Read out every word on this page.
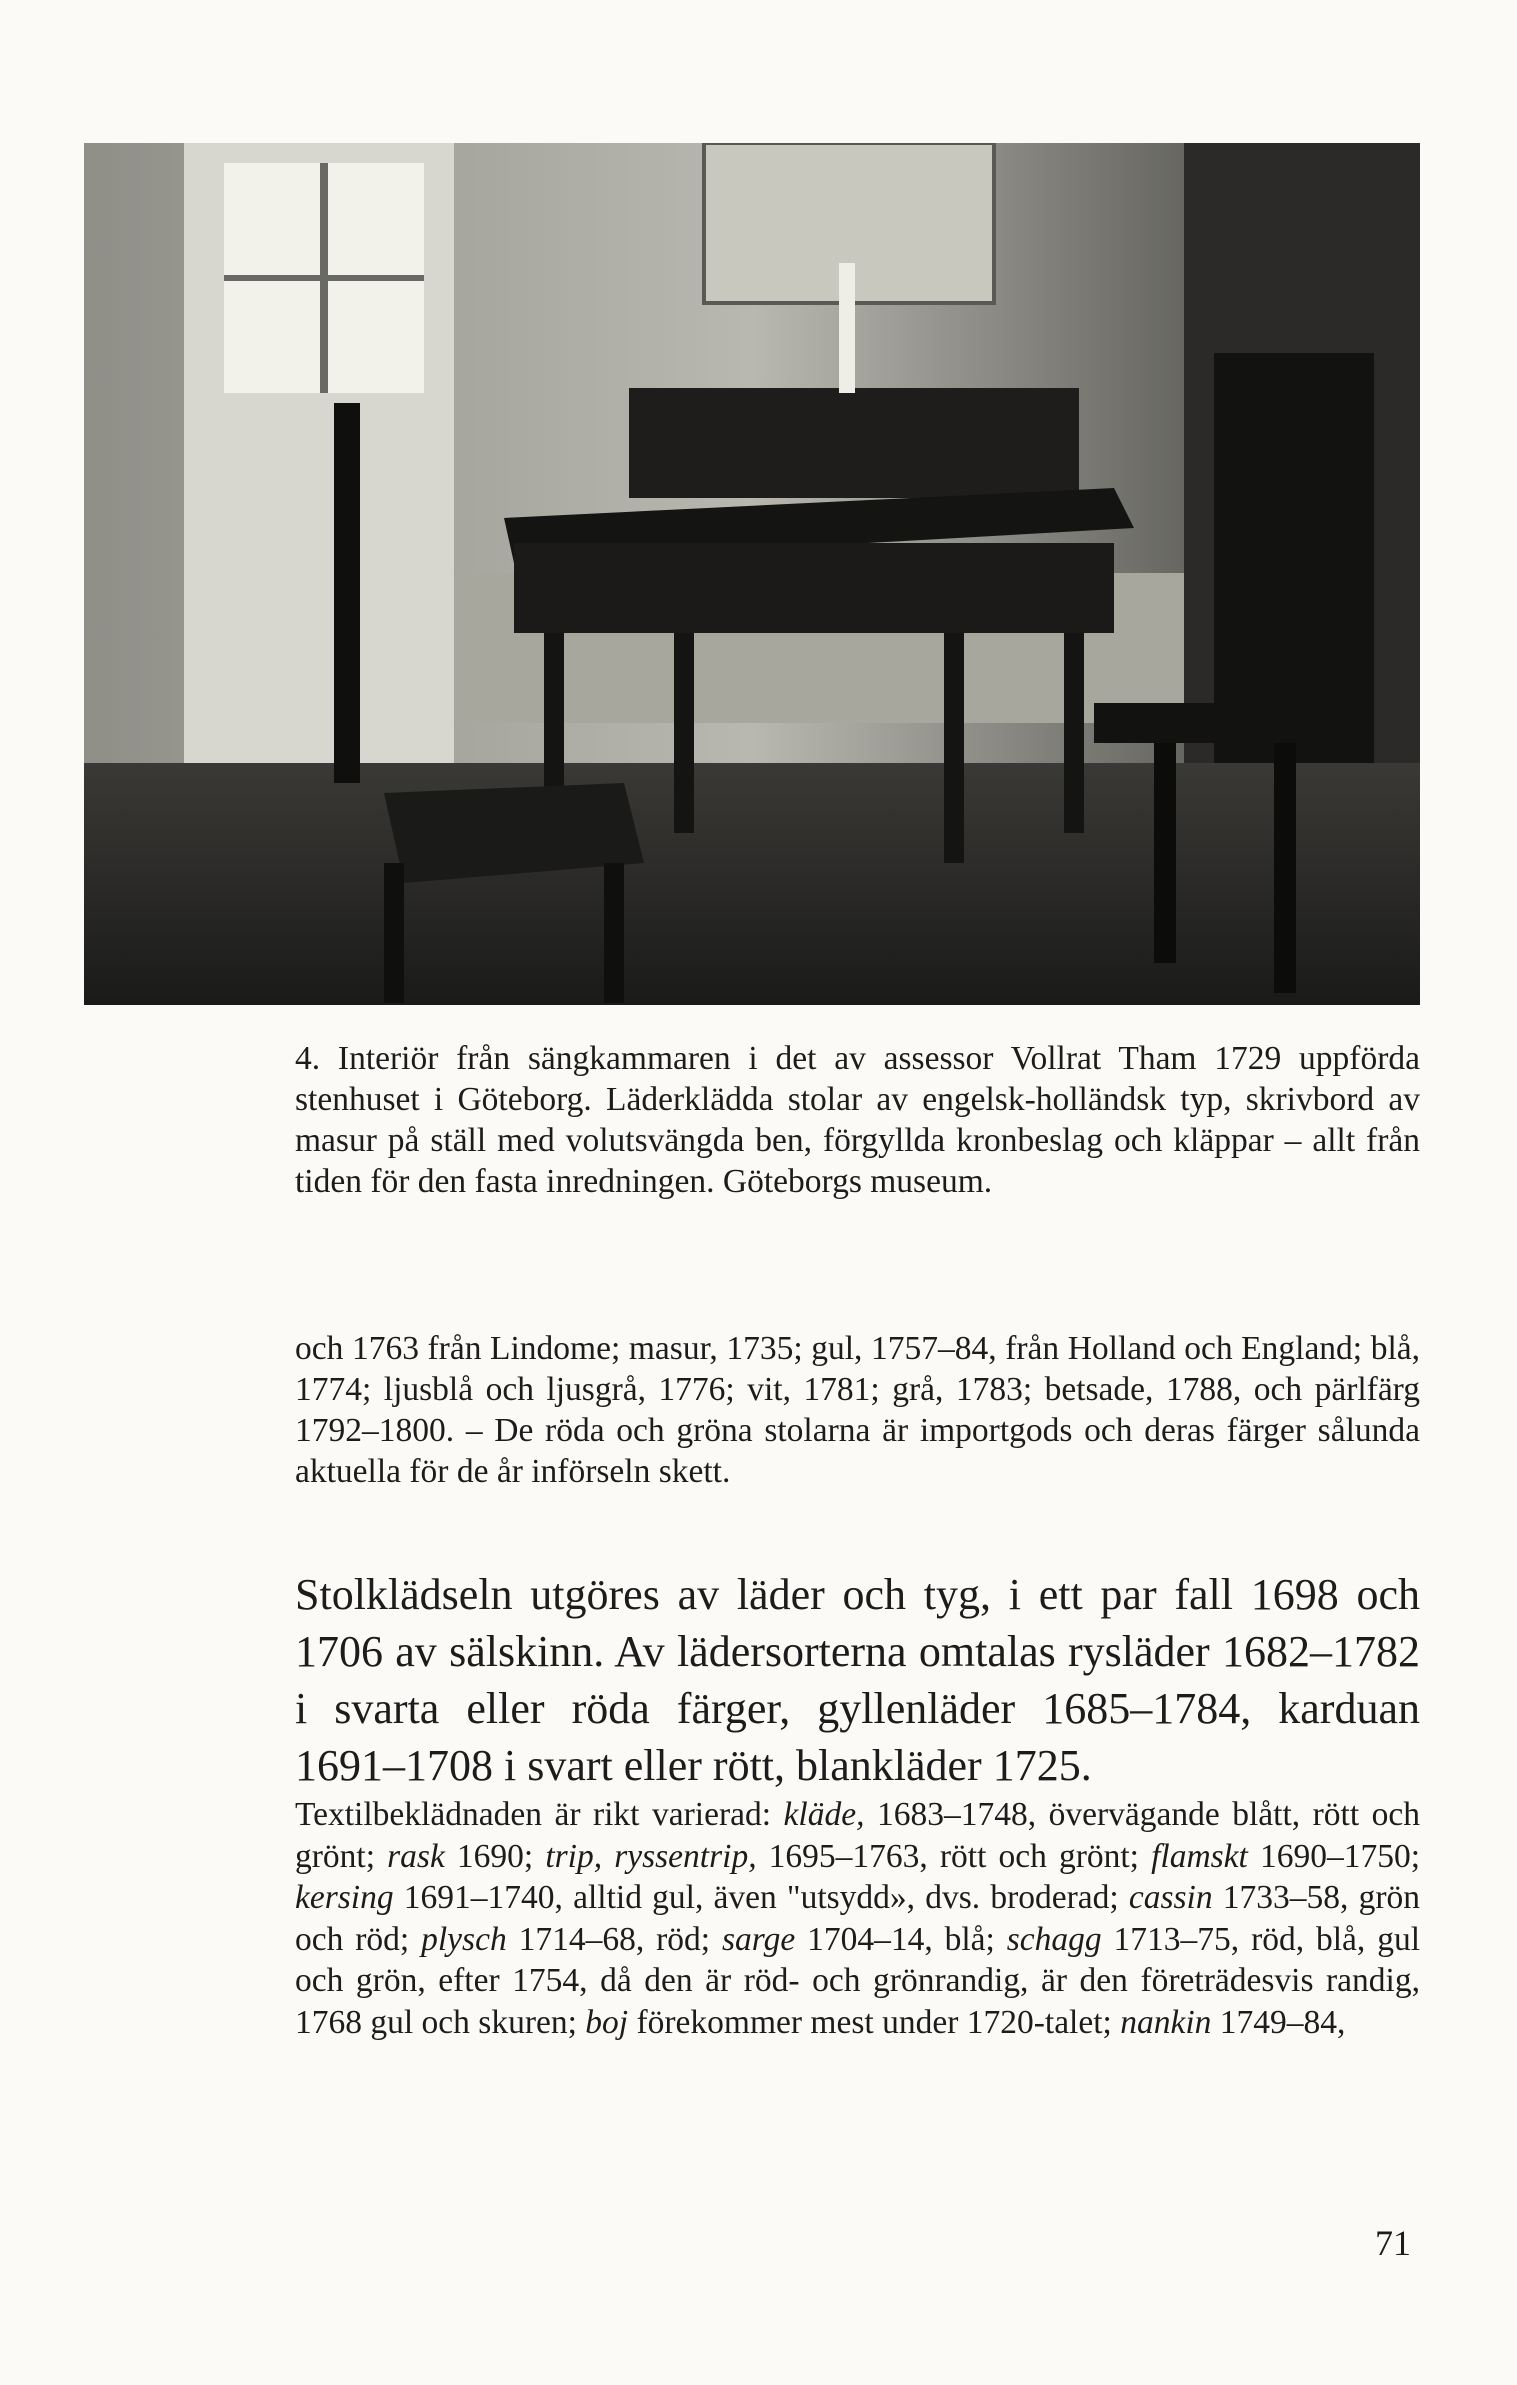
4. Interiör från sängkammaren i det av assessor Vollrat Tham 1729 uppförda stenhuset i Göteborg. Läderklädda stolar av engelsk-holländsk typ, skrivbord av masur på ställ med volutsvängda ben, förgyllda kronbeslag och kläppar – allt från tiden för den fasta inredningen. Göteborgs museum.

och 1763 från Lindome; masur, 1735; gul, 1757–84, från Holland och England; blå, 1774; ljusblå och ljusgrå, 1776; vit, 1781; grå, 1783; betsade, 1788, och pärlfärg 1792–1800. – De röda och gröna stolarna är importgods och deras färger sålunda aktuella för de år införseln skett.

Stolklädseln utgöres av läder och tyg, i ett par fall 1698 och 1706 av sälskinn. Av lädersorterna omtalas rysläder 1682–1782 i svarta eller röda färger, gyllenläder 1685–1784, karduan 1691–1708 i svart eller rött, blankläder 1725.

Textilbeklädnaden är rikt varierad: kläde, 1683–1748, övervägande blått, rött och grönt; rask 1690; trip, ryssentrip, 1695–1763, rött och grönt; flamskt 1690–1750; kersing 1691–1740, alltid gul, även "utsydd», dvs. broderad; cassin 1733–58, grön och röd; plysch 1714–68, röd; sarge 1704–14, blå; schagg 1713–75, röd, blå, gul och grön, efter 1754, då den är röd- och grönrandig, är den företrädesvis randig, 1768 gul och skuren; boj förekommer mest under 1720-talet; nankin 1749–84,

71
